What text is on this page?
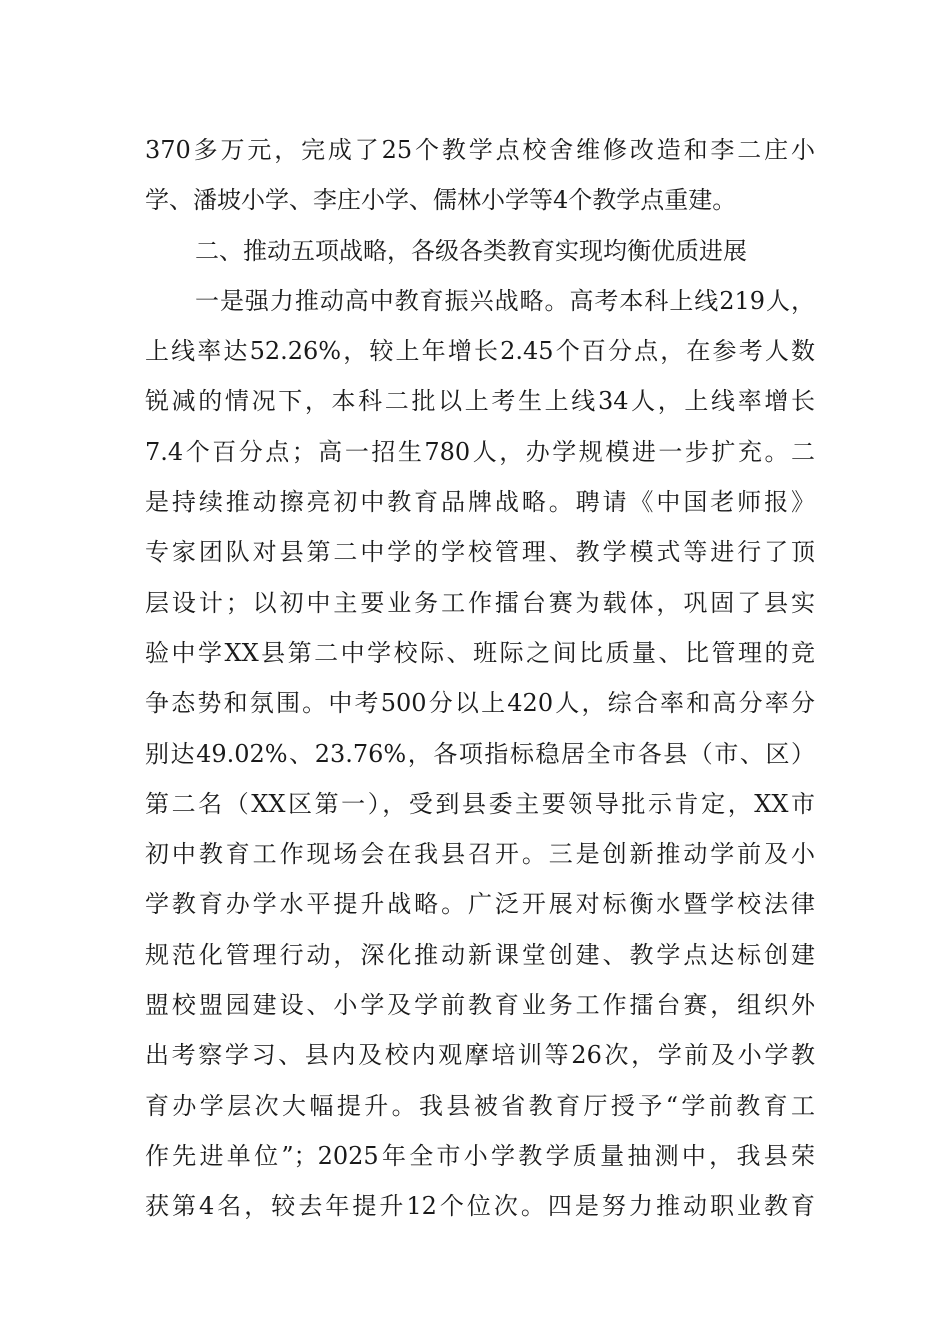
370多万元，完成了25个教学点校舍维修改造和李二庄小
学、潘坡小学、李庄小学、儒林小学等4个教学点重建。
二、推动五项战略，各级各类教育实现均衡优质进展
一是强力推动高中教育振兴战略。高考本科上线219人，
上线率达52.26%，较上年增长2.45个百分点，在参考人数
锐减的情况下，本科二批以上考生上线34人，上线率增长
7.4个百分点；高一招生780人，办学规模进一步扩充。二
是持续推动擦亮初中教育品牌战略。聘请《中国老师报》
专家团队对县第二中学的学校管理、教学模式等进行了顶
层设计；以初中主要业务工作擂台赛为载体，巩固了县实
验中学XX县第二中学校际、班际之间比质量、比管理的竞
争态势和氛围。中考500分以上420人，综合率和高分率分
别达49.02%、23.76%，各项指标稳居全市各县（市、区）
第二名（XX区第一），受到县委主要领导批示肯定，XX市
初中教育工作现场会在我县召开。三是创新推动学前及小
学教育办学水平提升战略。广泛开展对标衡水暨学校法律
规范化管理行动，深化推动新课堂创建、教学点达标创建
盟校盟园建设、小学及学前教育业务工作擂台赛，组织外
出考察学习、县内及校内观摩培训等26次，学前及小学教
育办学层次大幅提升。我县被省教育厅授予“学前教育工
作先进单位”；2025年全市小学教学质量抽测中，我县荣
获第4名，较去年提升12个位次。四是努力推动职业教育
